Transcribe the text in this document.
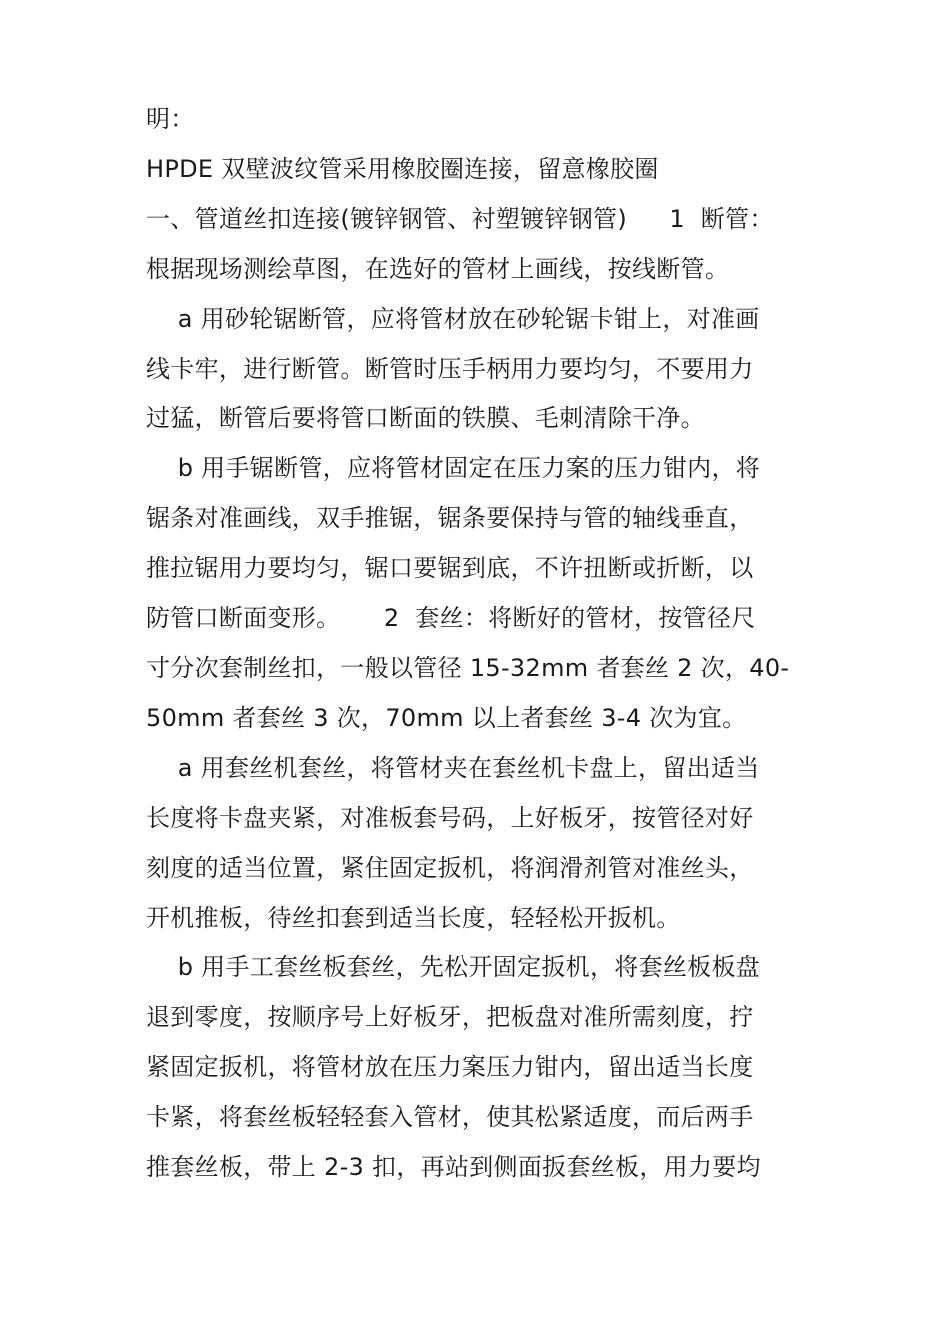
明：
HPDE 双壁波纹管采用橡胶圈连接，留意橡胶圈
一、管道丝扣连接(镀锌钢管、衬塑镀锌钢管)	1  断管：
根据现场测绘草图，在选好的管材上画线，按线断管。
a 用砂轮锯断管，应将管材放在砂轮锯卡钳上，对准画
线卡牢，进行断管。断管时压手柄用力要均匀，不要用力
过猛，断管后要将管口断面的铁膜、毛刺清除干净。
b 用手锯断管，应将管材固定在压力案的压力钳内，将
锯条对准画线，双手推锯，锯条要保持与管的轴线垂直，
推拉锯用力要均匀，锯口要锯到底，不许扭断或折断，以
防管口断面变形。	2  套丝：将断好的管材，按管径尺
寸分次套制丝扣，一般以管径 15-32mm 者套丝 2 次，40-
50mm 者套丝 3 次，70mm 以上者套丝 3-4 次为宜。
a 用套丝机套丝，将管材夹在套丝机卡盘上，留出适当
长度将卡盘夹紧，对准板套号码，上好板牙，按管径对好
刻度的适当位置，紧住固定扳机，将润滑剂管对准丝头，
开机推板，待丝扣套到适当长度，轻轻松开扳机。
b 用手工套丝板套丝，先松开固定扳机，将套丝板板盘
退到零度，按顺序号上好板牙，把板盘对准所需刻度，拧
紧固定扳机，将管材放在压力案压力钳内，留出适当长度
卡紧，将套丝板轻轻套入管材，使其松紧适度，而后两手
推套丝板，带上 2-3 扣，再站到侧面扳套丝板，用力要均
